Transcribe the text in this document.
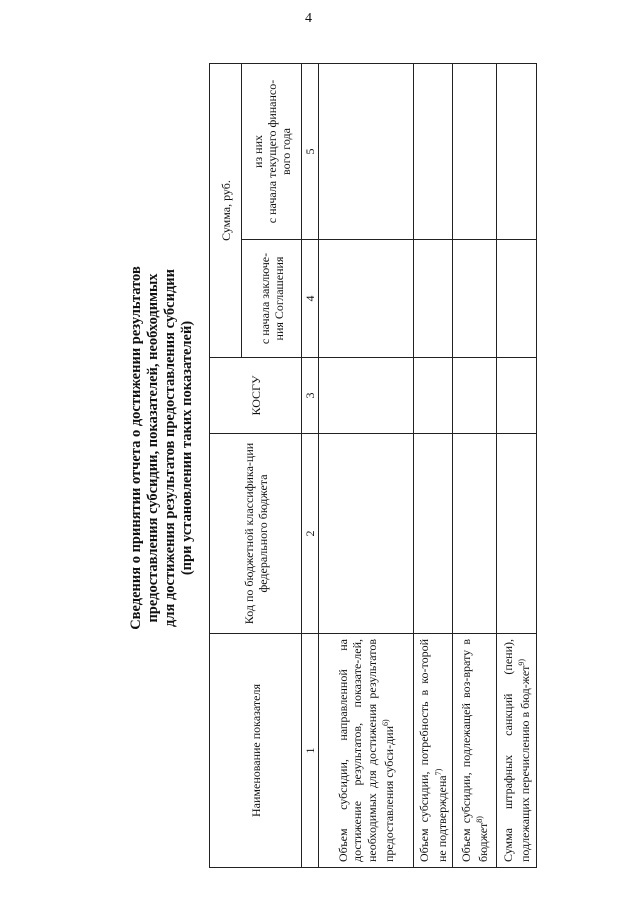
4
Сведения о принятии отчета о достижении результатов предоставления субсидии, показателей, необходимых для достижения результатов предоставления субсидии (при установлении таких показателей)
Наименование показателя	Код по бюджетной классифика-ции федерального бюджета	КОСГУ	Сумма, руб.	
			с начала заключе-ния Соглашения	из них с начала текущего финансо-вого года

1	2	3	4	5
Объем субсидии, направленной на достижение результатов, показате-лей, необходимых для достижения результатов предоставления субси-дии$^{6)}$				
Объем субсидии, потребность в ко-торой не подтверждена$^{7)}$				
Объем субсидии, подлежащей воз-врату в бюджет$^{8)}$				
Сумма штрафных санкций (пени), подлежащих перечислению в бюд-жет$^{9)}$				
